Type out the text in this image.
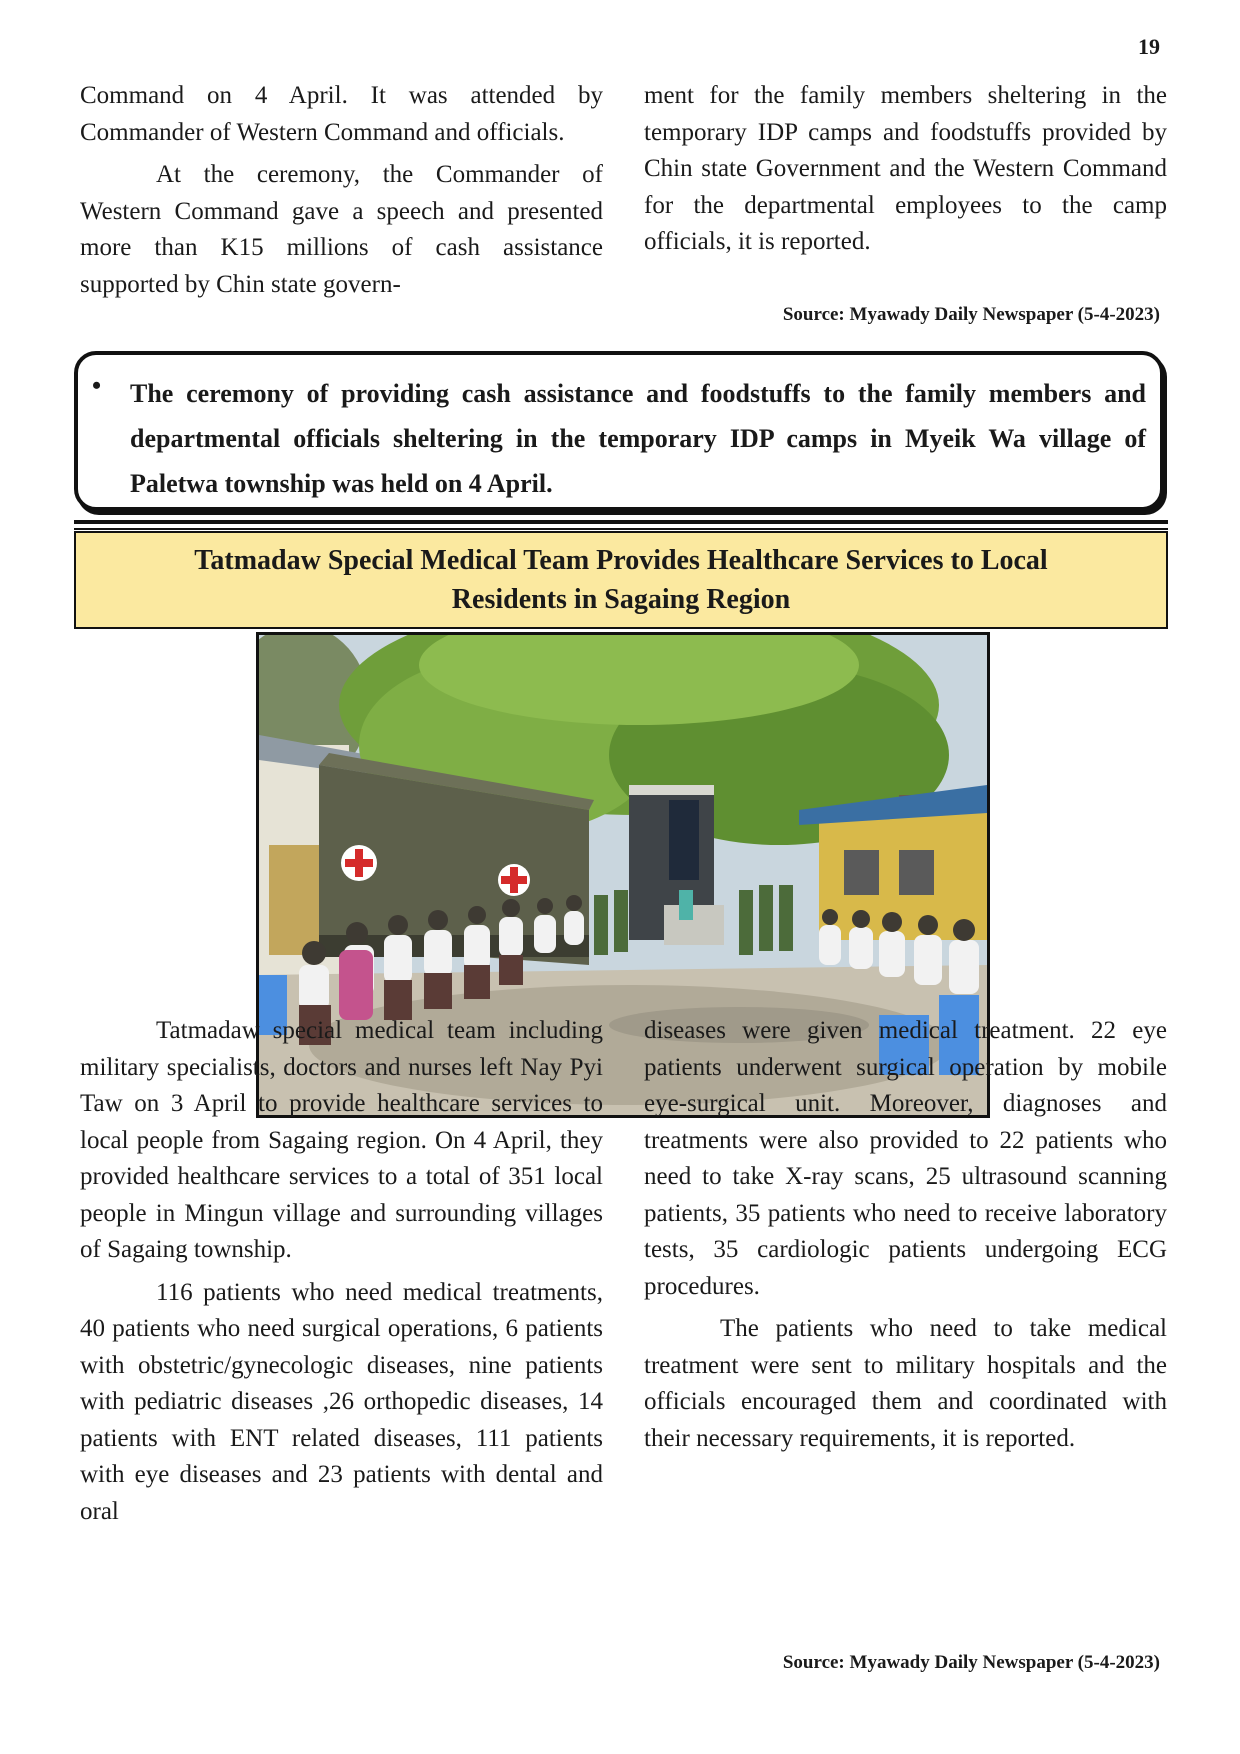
19

Command on 4 April. It was attended by Commander of Western Command and officials.

At the ceremony, the Commander of Western Command gave a speech and presented more than K15 millions of cash assistance supported by Chin state govern-

ment for the family members sheltering in the temporary IDP camps and foodstuffs provided by Chin state Government and the Western Command for the departmental employees to the camp officials, it is reported.

Source: Myawady Daily Newspaper (5-4-2023)
• The ceremony of providing cash assistance and foodstuffs to the family members and departmental officials sheltering in the temporary IDP camps in Myeik Wa village of Paletwa township was held on 4 April.
Tatmadaw Special Medical Team Provides Healthcare Services to Local Residents in Sagaing Region

Tatmadaw special medical team including military specialists, doctors and nurses left Nay Pyi Taw on 3 April to provide healthcare services to local people from Sagaing region. On 4 April, they provided healthcare services to a total of 351 local people in Mingun village and surrounding villages of Sagaing township.

116 patients who need medical treatments, 40 patients who need surgical operations, 6 patients with obstetric/gynecologic diseases, nine patients with pediatric diseases ,26 orthopedic diseases, 14 patients with ENT related diseases, 111 patients with eye diseases and 23 patients with dental and oral

diseases were given medical treatment. 22 eye patients underwent surgical operation by mobile eye-surgical unit. Moreover, diagnoses and treatments were also provided to 22 patients who need to take X-ray scans, 25 ultrasound scanning patients, 35 patients who need to receive laboratory tests, 35 cardiologic patients undergoing ECG procedures.

The patients who need to take medical treatment were sent to military hospitals and the officials encouraged them and coordinated with their necessary requirements, it is reported.

Source: Myawady Daily Newspaper (5-4-2023)
